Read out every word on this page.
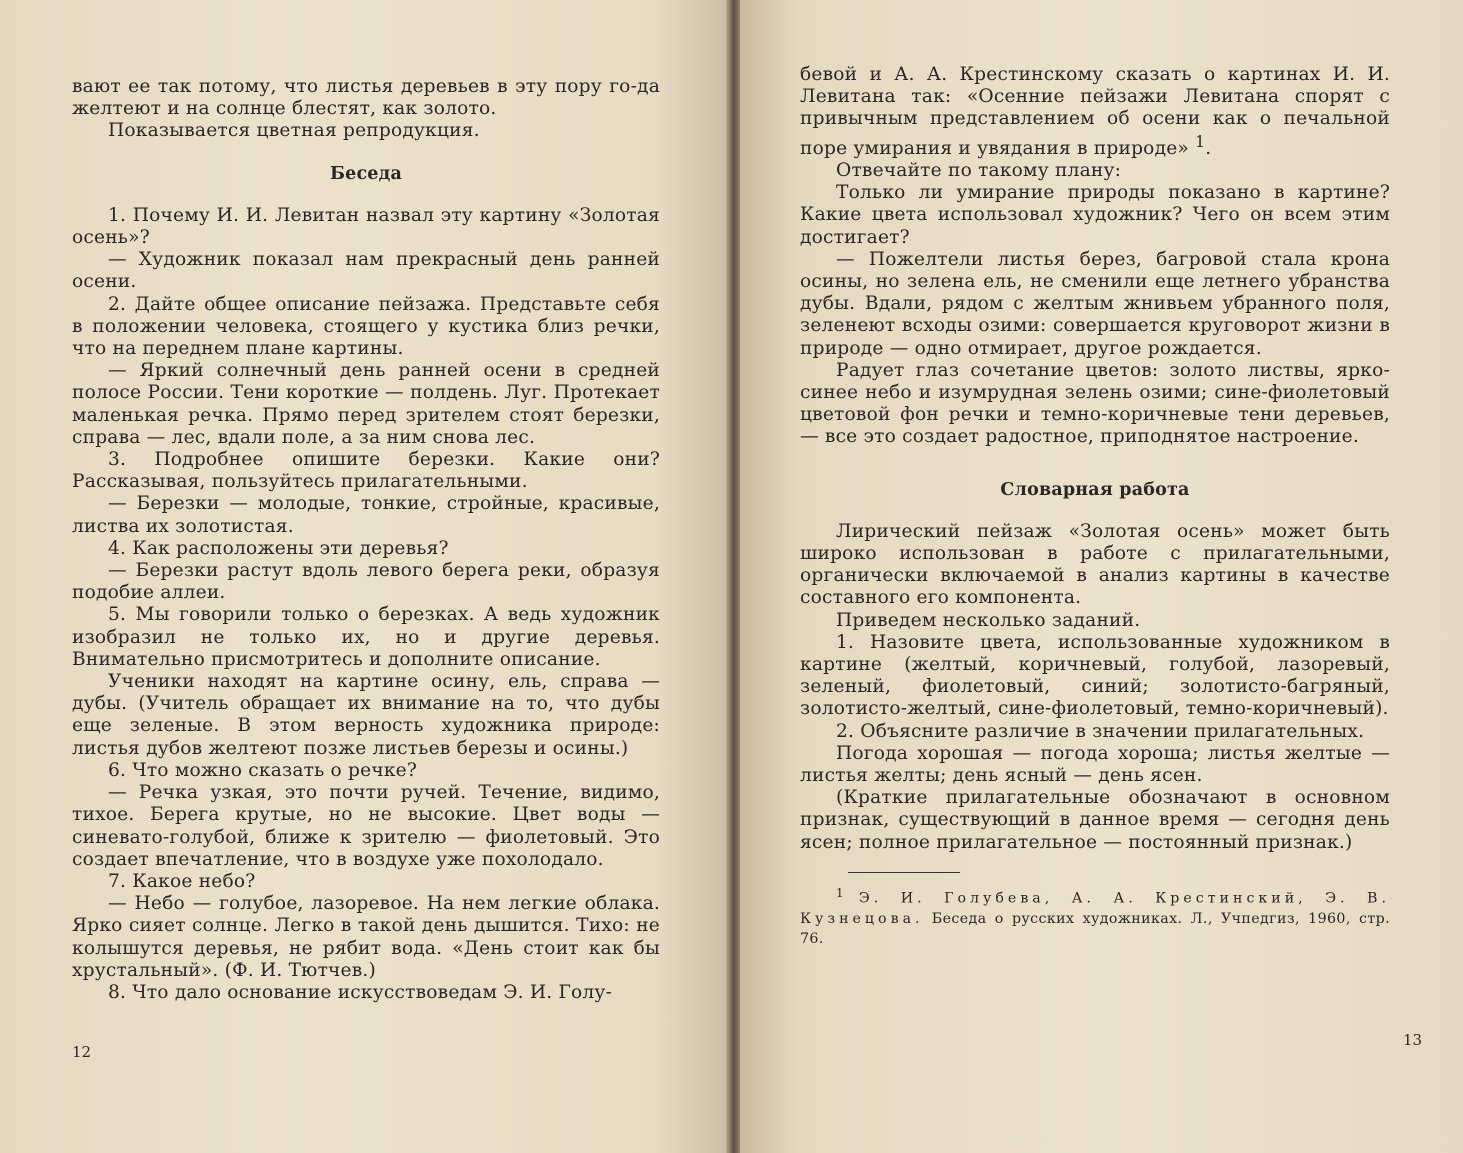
вают ее так потому, что листья деревьев в эту пору го-да желтеют и на солнце блестят, как золото.

Показывается цветная репродукция.

Беседа

1. Почему И. И. Левитан назвал эту картину «Золотая осень»?

— Художник показал нам прекрасный день ранней осени.

2. Дайте общее описание пейзажа. Представьте себя в положении человека, стоящего у кустика близ речки, что на переднем плане картины.

— Яркий солнечный день ранней осени в средней полосе России. Тени короткие — полдень. Луг. Протекает маленькая речка. Прямо перед зрителем стоят березки, справа — лес, вдали поле, а за ним снова лес.

3. Подробнее опишите березки. Какие они? Рассказывая, пользуйтесь прилагательными.

— Березки — молодые, тонкие, стройные, красивые, листва их золотистая.

4. Как расположены эти деревья?

— Березки растут вдоль левого берега реки, образуя подобие аллеи.

5. Мы говорили только о березках. А ведь художник изобразил не только их, но и другие деревья. Внимательно присмотритесь и дополните описание.

Ученики находят на картине осину, ель, справа — дубы. (Учитель обращает их внимание на то, что дубы еще зеленые. В этом верность художника природе: листья дубов желтеют позже листьев березы и осины.)

6. Что можно сказать о речке?

— Речка узкая, это почти ручей. Течение, видимо, тихое. Берега крутые, но не высокие. Цвет воды — синевато-голубой, ближе к зрителю — фиолетовый. Это создает впечатление, что в воздухе уже похолодало.

7. Какое небо?

— Небо — голубое, лазоревое. На нем легкие облака. Ярко сияет солнце. Легко в такой день дышится. Тихо: не колышутся деревья, не рябит вода. «День стоит как бы хрустальный». (Ф. И. Тютчев.)

8. Что дало основание искусствоведам Э. И. Голу-

12

бевой и А. А. Крестинскому сказать о картинах И. И. Левитана так: «Осенние пейзажи Левитана спорят с привычным представлением об осени как о печальной поре умирания и увядания в природе» $^1$.

Отвечайте по такому плану:

Только ли умирание природы показано в картине? Какие цвета использовал художник? Чего он всем этим достигает?

— Пожелтели листья берез, багровой стала крона осины, но зелена ель, не сменили еще летнего убранства дубы. Вдали, рядом с желтым жнивьем убранного поля, зеленеют всходы озими: совершается круговорот жизни в природе — одно отмирает, другое рождается.

Радует глаз сочетание цветов: золото листвы, ярко-синее небо и изумрудная зелень озими; сине-фиолетовый цветовой фон речки и темно-коричневые тени деревьев, — все это создает радостное, приподнятое настроение.

Словарная работа

Лирический пейзаж «Золотая осень» может быть широко использован в работе с прилагательными, органически включаемой в анализ картины в качестве составного его компонента.

Приведем несколько заданий.

1. Назовите цвета, использованные художником в картине (желтый, коричневый, голубой, лазоревый, зеленый, фиолетовый, синий; золотисто-багряный, золотисто-желтый, сине-фиолетовый, темно-коричневый).

2. Объясните различие в значении прилагательных.

Погода хорошая — погода хороша; листья желтые — листья желты; день ясный — день ясен.

(Краткие прилагательные обозначают в основном признак, существующий в данное время — сегодня день ясен; полное прилагательное — постоянный признак.)

$^1$ Э. И. Голубева, А. А. Крестинский, Э. В. Кузнецова. Беседа о русских художниках. Л., Учпедгиз, 1960, стр. 76.

13
